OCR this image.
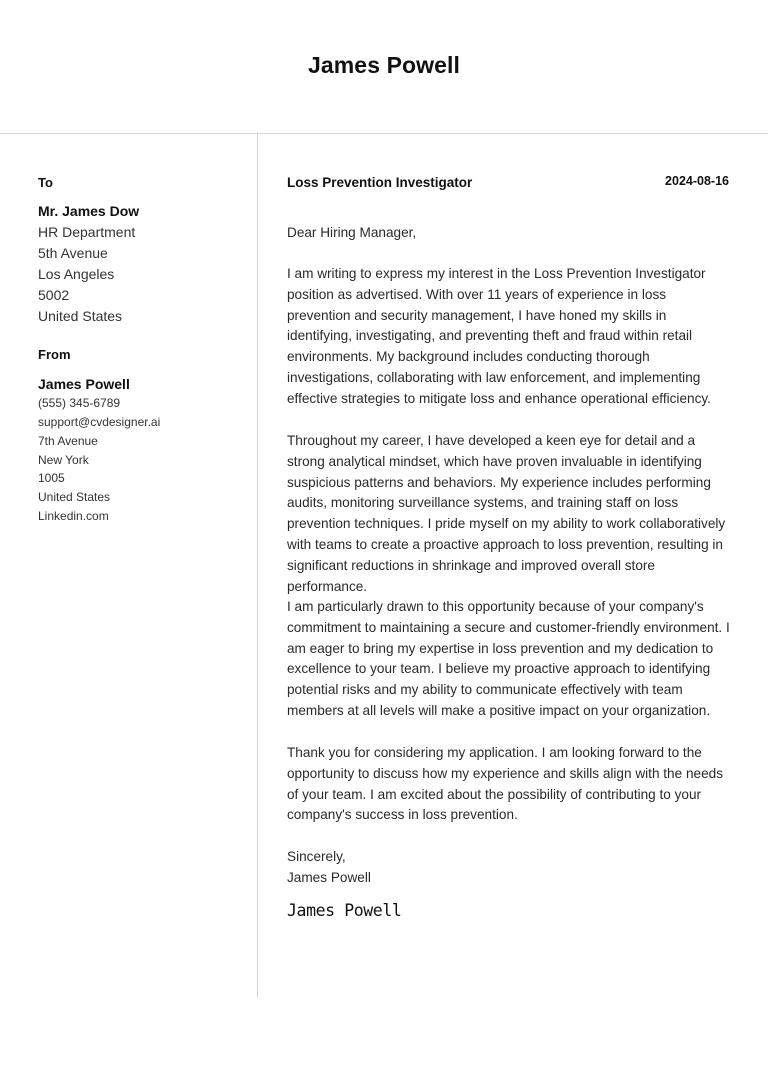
James Powell
To
Mr. James Dow
HR Department
5th Avenue
Los Angeles
5002
United States
From
James Powell
(555) 345-6789
support@cvdesigner.ai
7th Avenue
New York
1005
United States
Linkedin.com
Loss Prevention Investigator	2024-08-16
Dear Hiring Manager,
I am writing to express my interest in the Loss Prevention Investigator position as advertised. With over 11 years of experience in loss prevention and security management, I have honed my skills in identifying, investigating, and preventing theft and fraud within retail environments. My background includes conducting thorough investigations, collaborating with law enforcement, and implementing effective strategies to mitigate loss and enhance operational efficiency.
Throughout my career, I have developed a keen eye for detail and a strong analytical mindset, which have proven invaluable in identifying suspicious patterns and behaviors. My experience includes performing audits, monitoring surveillance systems, and training staff on loss prevention techniques. I pride myself on my ability to work collaboratively with teams to create a proactive approach to loss prevention, resulting in significant reductions in shrinkage and improved overall store performance.
I am particularly drawn to this opportunity because of your company's commitment to maintaining a secure and customer-friendly environment. I am eager to bring my expertise in loss prevention and my dedication to excellence to your team. I believe my proactive approach to identifying potential risks and my ability to communicate effectively with team members at all levels will make a positive impact on your organization.
Thank you for considering my application. I am looking forward to the opportunity to discuss how my experience and skills align with the needs of your team. I am excited about the possibility of contributing to your company's success in loss prevention.
Sincerely,
James Powell
James Powell
